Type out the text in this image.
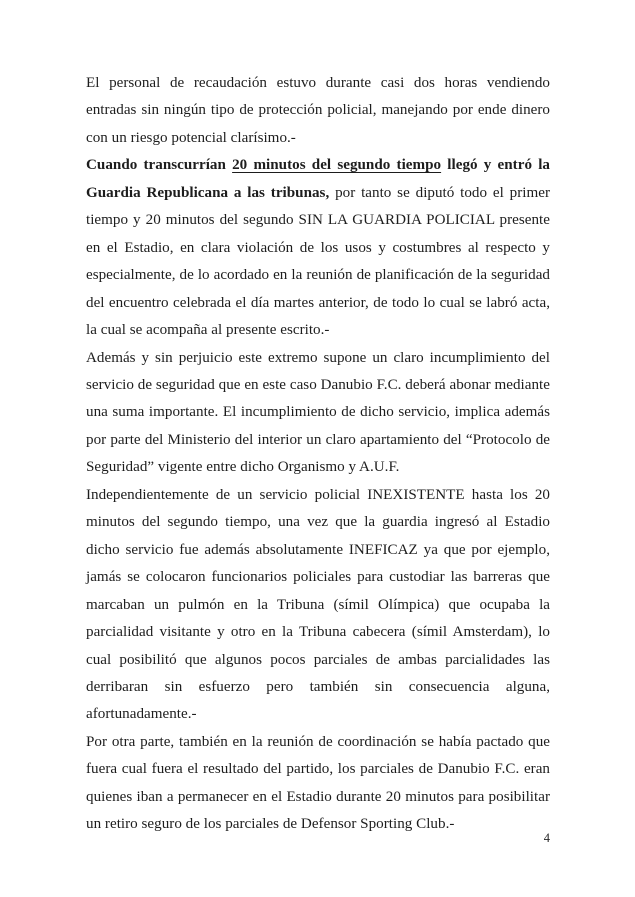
El personal de recaudación estuvo durante casi dos horas vendiendo entradas sin ningún tipo de protección policial, manejando por ende dinero con un riesgo potencial clarísimo.-

Cuando transcurrían 20 minutos del segundo tiempo llegó y entró la Guardia Republicana a las tribunas, por tanto se diputó todo el primer tiempo y 20 minutos del segundo SIN LA GUARDIA POLICIAL presente en el Estadio, en clara violación de los usos y costumbres al respecto y especialmente, de lo acordado en la reunión de planificación de la seguridad del encuentro celebrada el día martes anterior, de todo lo cual se labró acta, la cual se acompaña al presente escrito.-

Además y sin perjuicio este extremo supone un claro incumplimiento del servicio de seguridad que en este caso Danubio F.C. deberá abonar mediante una suma importante. El incumplimiento de dicho servicio, implica además por parte del Ministerio del interior un claro apartamiento del “Protocolo de Seguridad” vigente entre dicho Organismo y A.U.F.

Independientemente de un servicio policial INEXISTENTE hasta los 20 minutos del segundo tiempo, una vez que la guardia ingresó al Estadio dicho servicio fue además absolutamente INEFICAZ ya que por ejemplo, jamás se colocaron funcionarios policiales para custodiar las barreras que marcaban un pulmón en la Tribuna (símil Olímpica) que ocupaba la parcialidad visitante y otro en la Tribuna cabecera (símil Amsterdam), lo cual posibilitó que algunos pocos parciales de ambas parcialidades las derribaran sin esfuerzo pero también sin consecuencia alguna, afortunadamente.-

Por otra parte, también en la reunión de coordinación se había pactado que fuera cual fuera el resultado del partido, los parciales de Danubio F.C. eran quienes iban a permanecer en el Estadio durante 20 minutos para posibilitar un retiro seguro de los parciales de Defensor Sporting Club.-

4
